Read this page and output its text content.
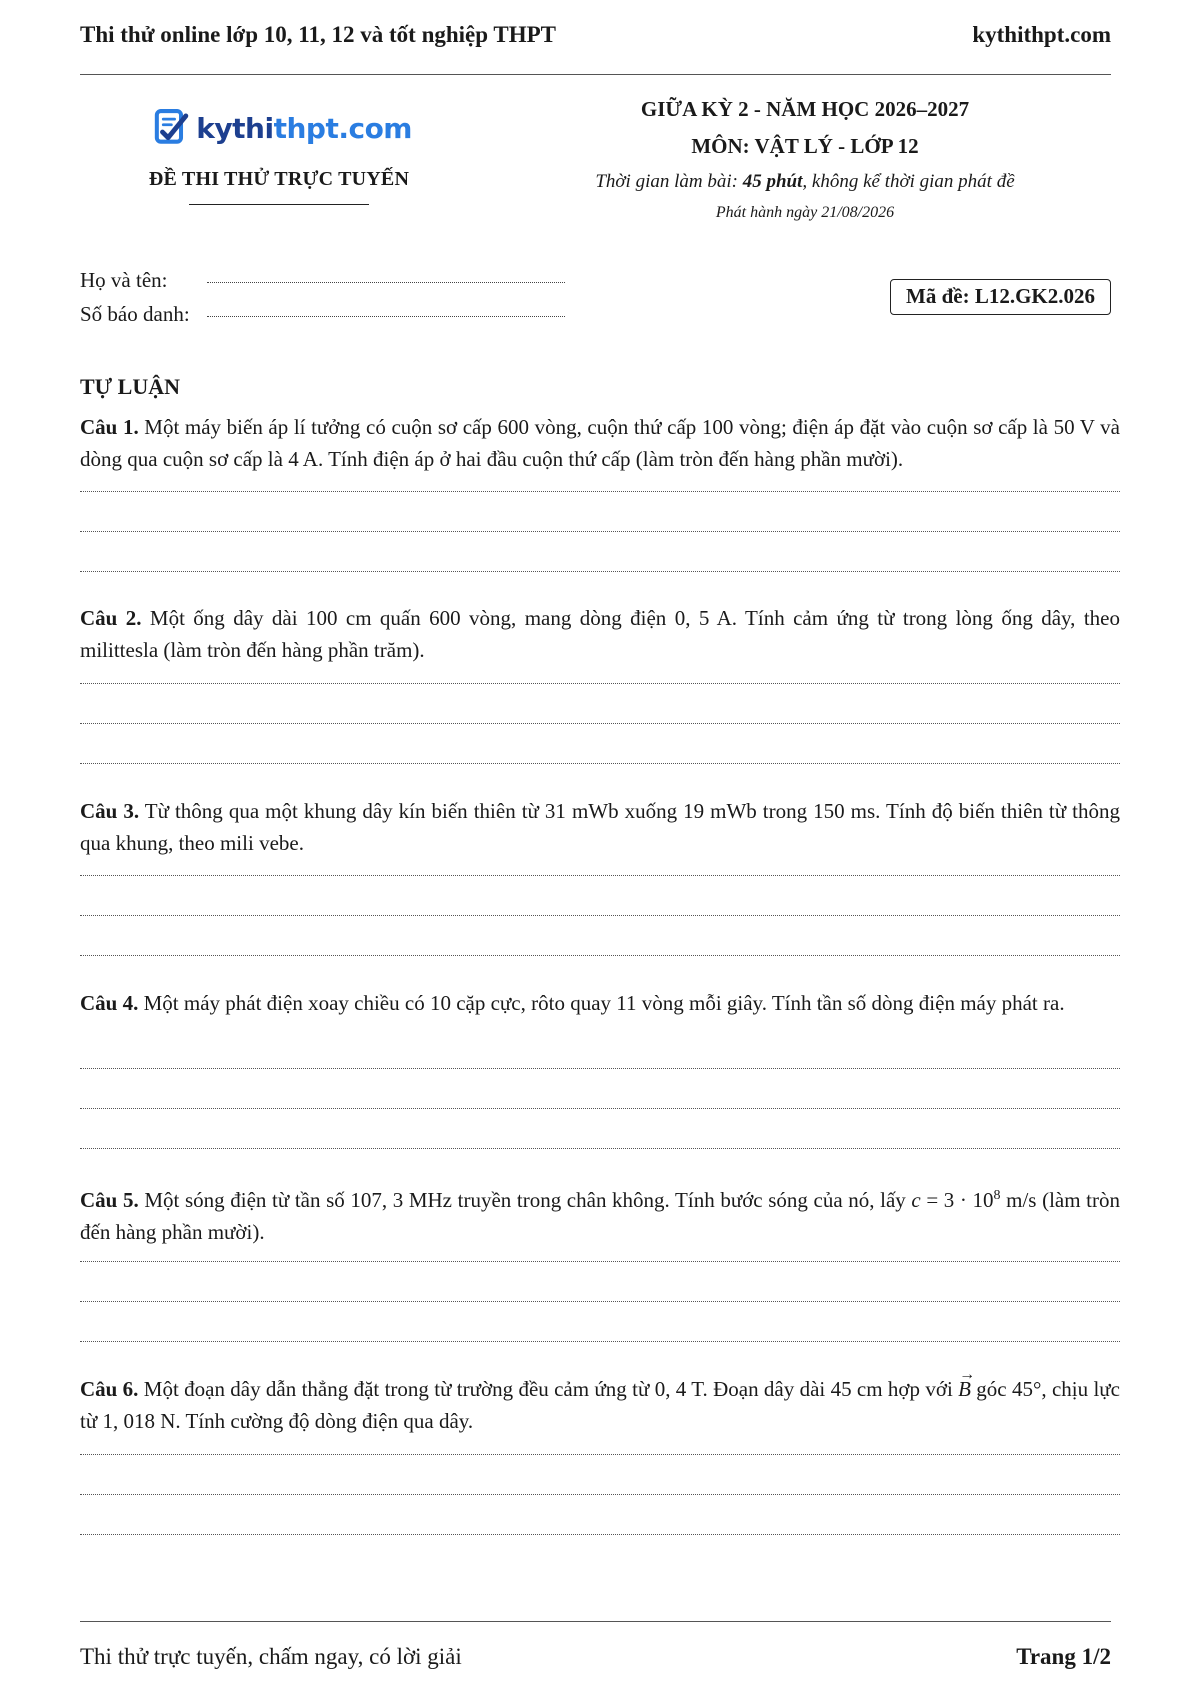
Thi thử online lớp 10, 11, 12 và tốt nghiệp THPT	kythithpt.com
kythithpt.com
ĐỀ THI THỬ TRỰC TUYẾN
GIỮA KỲ 2 - NĂM HỌC 2026–2027
MÔN: VẬT LÝ - LỚP 12
Thời gian làm bài: 45 phút, không kể thời gian phát đề
Phát hành ngày 21/08/2026
Họ và tên:
Số báo danh:
Mã đề: L12.GK2.026
TỰ LUẬN
Câu 1. Một máy biến áp lí tưởng có cuộn sơ cấp 600 vòng, cuộn thứ cấp 100 vòng; điện áp đặt vào cuộn sơ cấp là 50 V và dòng qua cuộn sơ cấp là 4 A. Tính điện áp ở hai đầu cuộn thứ cấp (làm tròn đến hàng phần mười).
Câu 2. Một ống dây dài 100 cm quấn 600 vòng, mang dòng điện 0, 5 A. Tính cảm ứng từ trong lòng ống dây, theo milittesla (làm tròn đến hàng phần trăm).
Câu 3. Từ thông qua một khung dây kín biến thiên từ 31 mWb xuống 19 mWb trong 150 ms. Tính độ biến thiên từ thông qua khung, theo mili vebe.
Câu 4. Một máy phát điện xoay chiều có 10 cặp cực, rôto quay 11 vòng mỗi giây. Tính tần số dòng điện máy phát ra.
Câu 5. Một sóng điện từ tần số 107, 3 MHz truyền trong chân không. Tính bước sóng của nó, lấy $c = 3 \cdot 10^8$ m/s (làm tròn đến hàng phần mười).
Câu 6. Một đoạn dây dẫn thẳng đặt trong từ trường đều cảm ứng từ 0, 4 T. Đoạn dây dài 45 cm hợp với
→
B góc 45°, chịu lực từ 1, 018 N. Tính cường độ dòng điện qua dây.
Thi thử trực tuyến, chấm ngay, có lời giải	Trang 1/2
